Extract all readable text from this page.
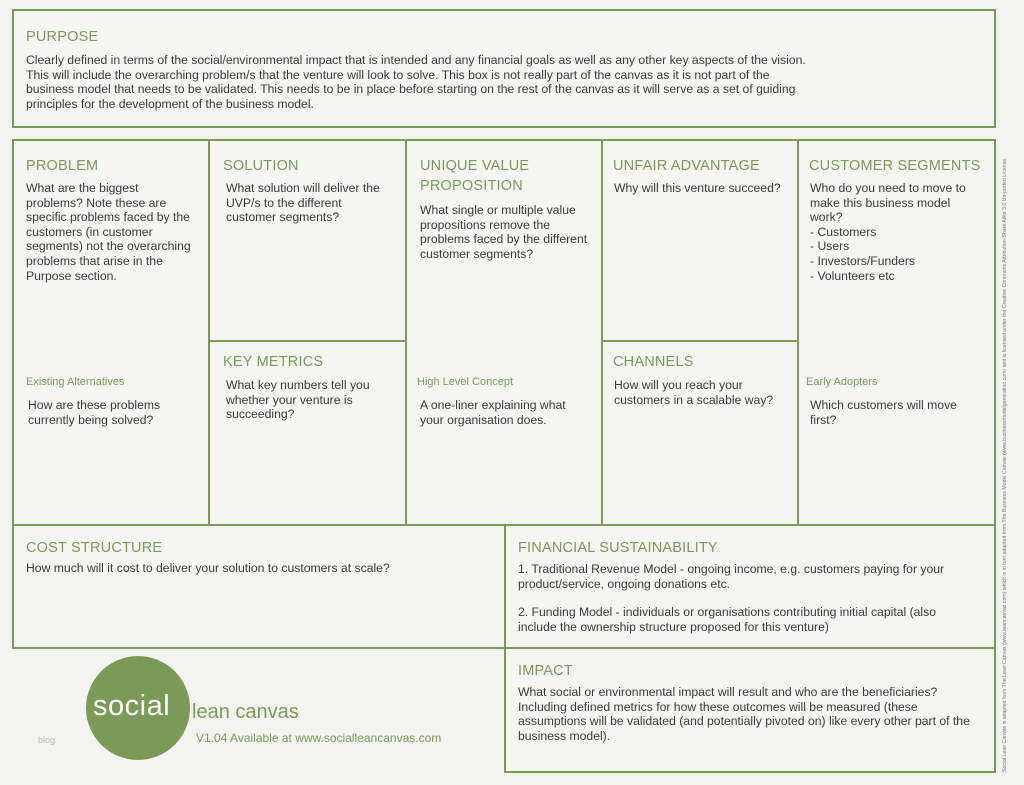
PURPOSE
Clearly defined in terms of the social/environmental impact that is intended and any financial goals as well as any other key aspects of the vision.
This will include the overarching problem/s that the venture will look to solve. This box is not really part of the canvas as it is not part of the
business model that needs to be validated. This needs to be in place before starting on the rest of the canvas as it will serve as a set of guiding
principles for the development of the business model.
PROBLEM
What are the biggest
problems? Note these are
specific problems faced by the
customers (in customer
segments) not the overarching
problems that arise in the
Purpose section.
Existing Alternatives
How are these problems
currently being solved?
SOLUTION
What solution will deliver the
UVP/s to the different
customer segments?
KEY METRICS
What key numbers tell you
whether your venture is
succeeding?
UNIQUE VALUE
PROPOSITION
What single or multiple value
propositions remove the
problems faced by the different
customer segments?
High Level Concept
A one-liner explaining what
your organisation does.
UNFAIR ADVANTAGE
Why will this venture succeed?
CHANNELS
How will you reach your
customers in a scalable way?
CUSTOMER SEGMENTS
Who do you need to move to
make this business model
work?
- Customers
- Users
- Investors/Funders
- Volunteers etc
Early Adopters
Which customers will move
first?
COST STRUCTURE
How much will it cost to deliver your solution to customers at scale?
FINANCIAL SUSTAINABILITY
1. Traditional Revenue Model - ongoing income, e.g. customers paying for your
product/service, ongoing donations etc.
2. Funding Model - individuals or organisations contributing initial capital (also
include the ownership structure proposed for this venture)
IMPACT
What social or environmental impact will result and who are the beneficiaries?
Including defined metrics for how these outcomes will be measured (these
assumptions will be validated (and potentially pivoted on) like every other part of the
business model).
social lean canvas
V1.04 Available at www.socialleancanvas.com
blog	Social Lean Canvas is adapted from The Lean Canvas (www.leancanvas.com) which is in turn adapted from The Business Model Canvas (www.businessmodelgeneration.com) and is licensed under the Creative Commons Attribution-Share Alike 3.0 Un-ported License.
